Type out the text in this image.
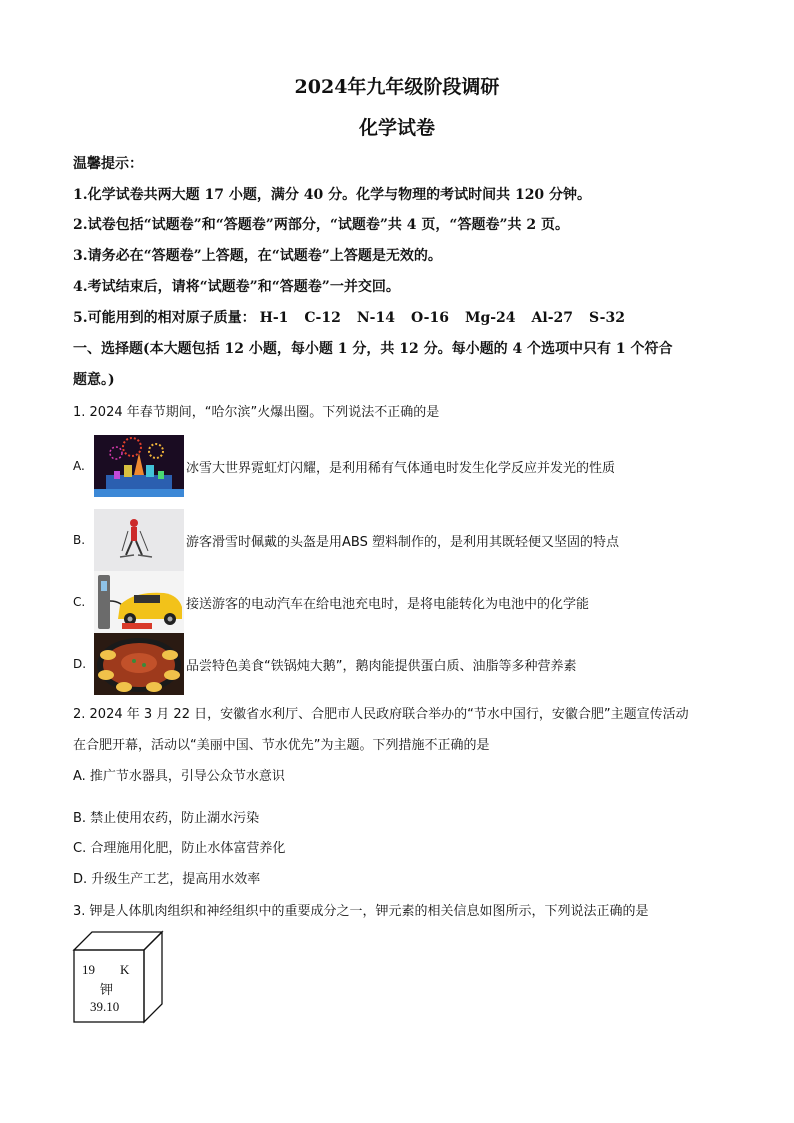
2024年九年级阶段调研
化学试卷
温馨提示：
1.化学试卷共两大题 17 小题，满分 40 分。化学与物理的考试时间共 120 分钟。
2.试卷包括“试题卷”和“答题卷”两部分，“试题卷”共 4 页，“答题卷”共 2 页。
3.请务必在“答题卷”上答题，在“试题卷”上答题是无效的。
4.考试结束后，请将“试题卷”和“答题卷”一并交回。
5.可能用到的相对原子质量： H-1 C-12 N-14 O-16 Mg-24 Al-27 S-32
一、选择题(本大题包括 12 小题，每小题 1 分，共 12 分。每小题的 4 个选项中只有 1 个符合
题意。)
1. 2024 年春节期间，“哈尔滨”火爆出圈。下列说法不正确的是
A.	冰雪大世界霓虹灯闪耀，是利用稀有气体通电时发生化学反应并发光的性质
B.	游客滑雪时佩戴的头盔是用ABS 塑料制作的，是利用其既轻便又坚固的特点
C.	接送游客的电动汽车在给电池充电时，是将电能转化为电池中的化学能
D.	品尝特色美食“铁锅炖大鹅”，鹅肉能提供蛋白质、油脂等多种营养素
2. 2024 年 3 月 22 日，安徽省水利厅、合肥市人民政府联合举办的“节水中国行，安徽合肥”主题宣传活动
在合肥开幕，活动以“美丽中国、节水优先”为主题。下列措施不正确的是
A. 推广节水器具，引导公众节水意识
B. 禁止使用农药，防止湖水污染
C. 合理施用化肥，防止水体富营养化
D. 升级生产工艺，提高用水效率
3. 钾是人体肌肉组织和神经组织中的重要成分之一，钾元素的相关信息如图所示，下列说法正确的是
19 K
钾
39.10
